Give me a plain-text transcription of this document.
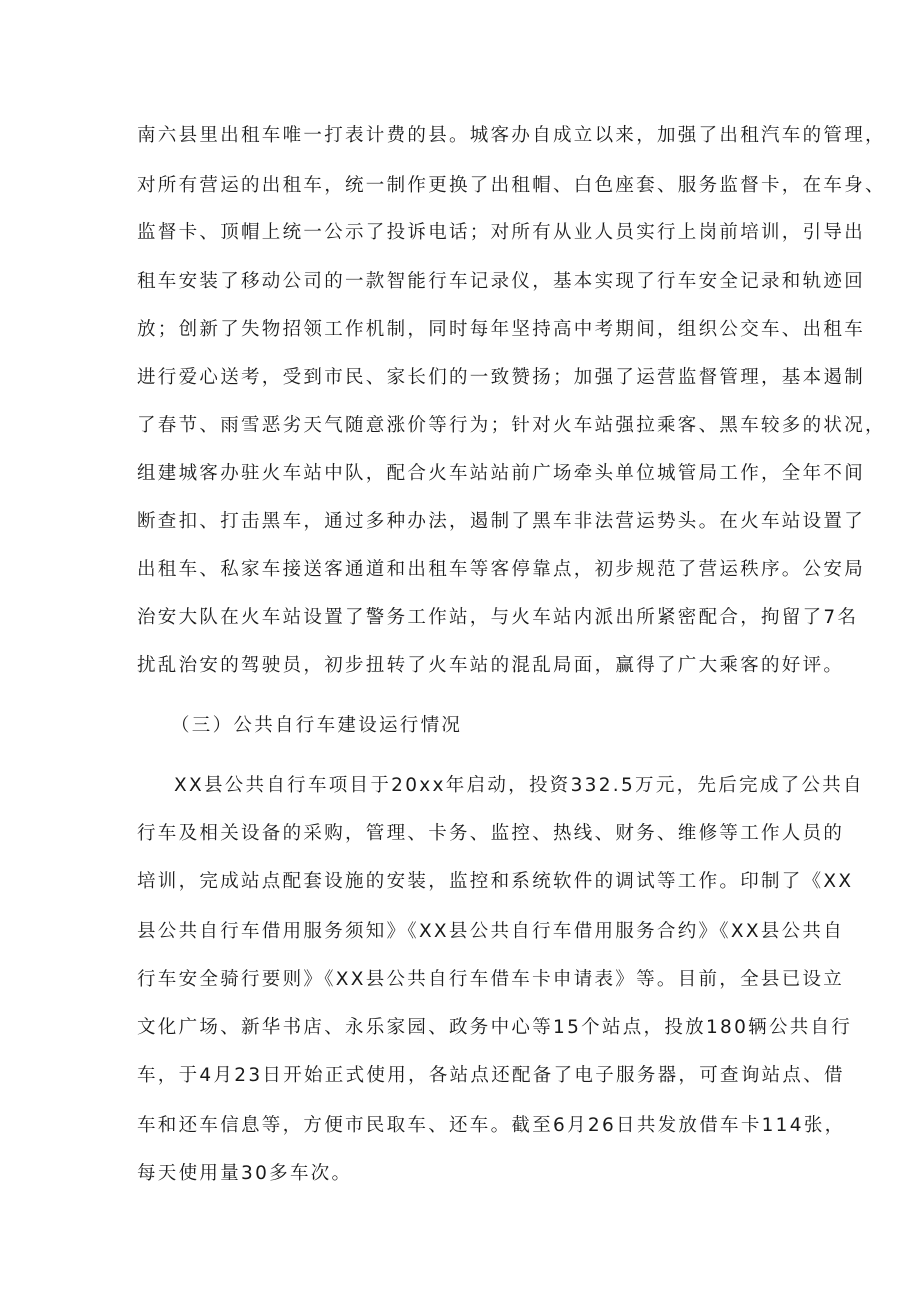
南六县里出租车唯一打表计费的县。城客办自成立以来，加强了出租汽车的管理，
对所有营运的出租车，统一制作更换了出租帽、白色座套、服务监督卡，在车身、
监督卡、顶帽上统一公示了投诉电话；对所有从业人员实行上岗前培训，引导出
租车安装了移动公司的一款智能行车记录仪，基本实现了行车安全记录和轨迹回
放；创新了失物招领工作机制，同时每年坚持高中考期间，组织公交车、出租车
进行爱心送考，受到市民、家长们的一致赞扬；加强了运营监督管理，基本遏制
了春节、雨雪恶劣天气随意涨价等行为；针对火车站强拉乘客、黑车较多的状况，
组建城客办驻火车站中队，配合火车站站前广场牵头单位城管局工作，全年不间
断查扣、打击黑车，通过多种办法，遏制了黑车非法营运势头。在火车站设置了
出租车、私家车接送客通道和出租车等客停靠点，初步规范了营运秩序。公安局
治安大队在火车站设置了警务工作站，与火车站内派出所紧密配合，拘留了7名
扰乱治安的驾驶员，初步扭转了火车站的混乱局面，赢得了广大乘客的好评。
（三）公共自行车建设运行情况
XX县公共自行车项目于20xx年启动，投资332.5万元，先后完成了公共自
行车及相关设备的采购，管理、卡务、监控、热线、财务、维修等工作人员的
培训，完成站点配套设施的安装，监控和系统软件的调试等工作。印制了《XX
县公共自行车借用服务须知》《XX县公共自行车借用服务合约》《XX县公共自
行车安全骑行要则》《XX县公共自行车借车卡申请表》等。目前，全县已设立
文化广场、新华书店、永乐家园、政务中心等15个站点，投放180辆公共自行
车，于4月23日开始正式使用，各站点还配备了电子服务器，可查询站点、借
车和还车信息等，方便市民取车、还车。截至6月26日共发放借车卡114张，
每天使用量30多车次。
